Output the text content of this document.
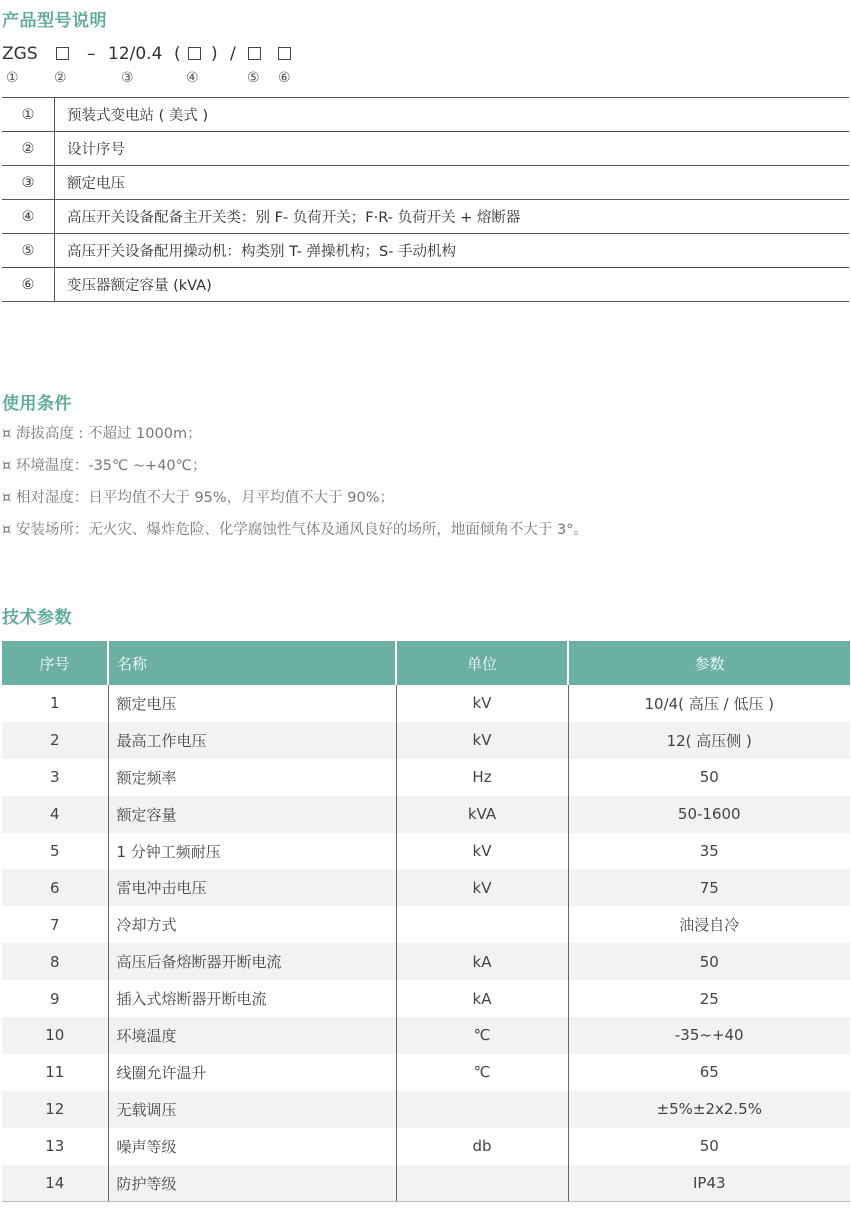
产品型号说明
ZGS	– 12/0.4 ( ) /
①	②	③	④	⑤ ⑥
①	预装式变电站 ( 美式 )
②	设计序号
③	额定电压
④	高压开关设备配备主开关类：别 F- 负荷开关；F·R- 负荷开关 + 熔断器
⑤	高压开关设备配用操动机：构类别 T- 弹操机构；S- 手动机构
⑥	变压器额定容量 (kVA)
使用条件
¤ 海拔高度 : 不超过 1000m；
¤ 环境温度：-35℃ ~+40℃；
¤ 相对湿度：日平均值不大于 95%，月平均值不大于 90%；
¤ 安装场所：无火灾、爆炸危险、化学腐蚀性气体及通风良好的场所，地面倾角不大于 3°。
技术参数
序号	名称	单位	参数
1	额定电压	kV	10/4( 高压 / 低压 )
2	最高工作电压	kV	12( 高压侧 )
3	额定频率	Hz	50
4	额定容量	kVA	50-1600
5	1 分钟工频耐压	kV	35
6	雷电冲击电压	kV	75
7	冷却方式		油浸自冷
8	高压后备熔断器开断电流	kA	50
9	插入式熔断器开断电流	kA	25
10	环境温度	℃	-35~+40
11	线圈允许温升	℃	65
12	无载调压		±5%±2x2.5%
13	噪声等级	db	50
14	防护等级		IP43
